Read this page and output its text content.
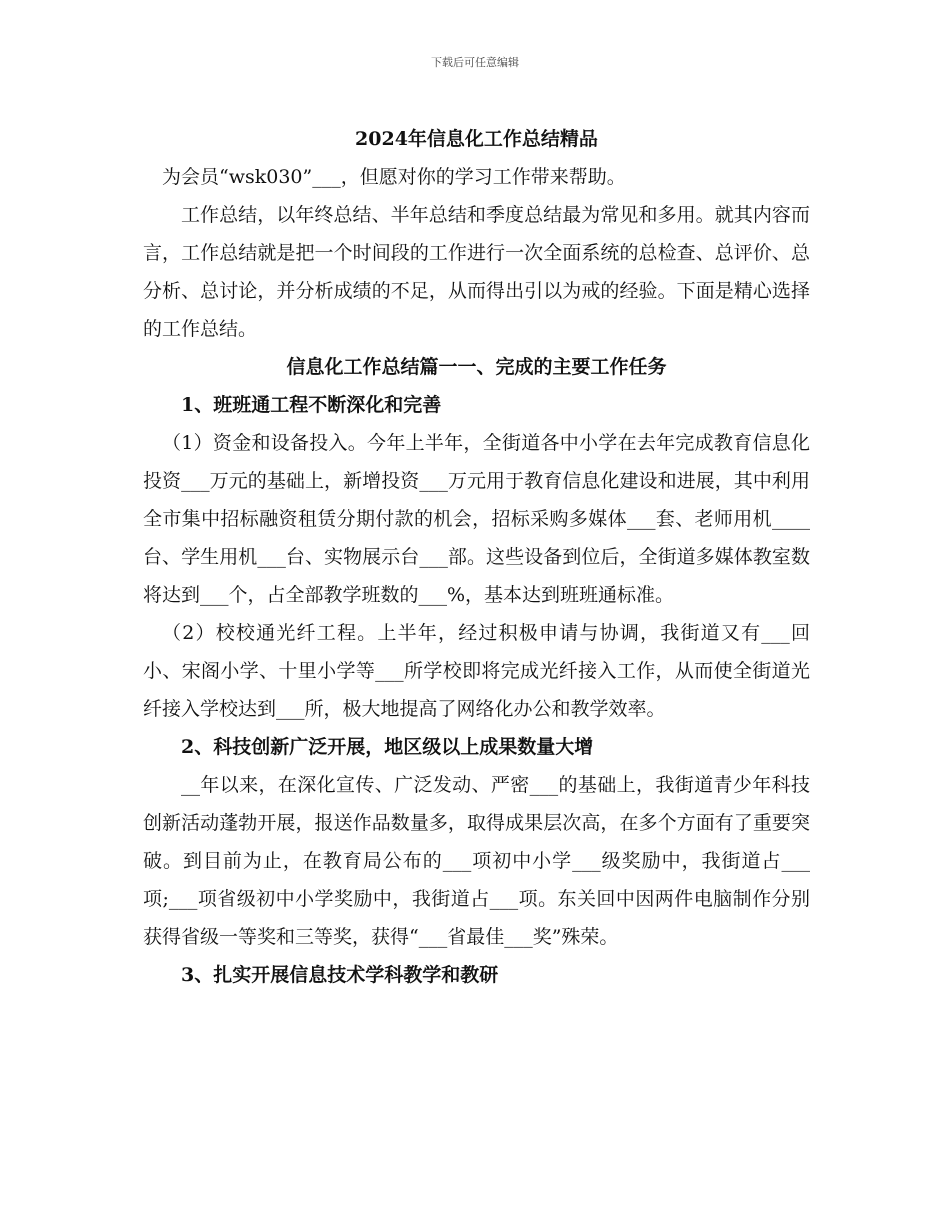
下载后可任意编辑
2024年信息化工作总结精品

为会员“wsk030”___，但愿对你的学习工作带来帮助。

工作总结，以年终总结、半年总结和季度总结最为常见和多用。就其内容而言，工作总结就是把一个时间段的工作进行一次全面系统的总检查、总评价、总分析、总讨论，并分析成绩的不足，从而得出引以为戒的经验。下面是精心选择的工作总结。

信息化工作总结篇一一、完成的主要工作任务

1、班班通工程不断深化和完善

（1）资金和设备投入。今年上半年，全街道各中小学在去年完成教育信息化投资___万元的基础上，新增投资___万元用于教育信息化建设和进展，其中利用全市集中招标融资租赁分期付款的机会，招标采购多媒体___套、老师用机____台、学生用机___台、实物展示台___部。这些设备到位后，全街道多媒体教室数将达到___个，占全部教学班数的___%，基本达到班班通标准。

（2）校校通光纤工程。上半年，经过积极申请与协调，我街道又有___回小、宋阁小学、十里小学等___所学校即将完成光纤接入工作，从而使全街道光纤接入学校达到___所，极大地提高了网络化办公和教学效率。

2、科技创新广泛开展，地区级以上成果数量大增

__年以来，在深化宣传、广泛发动、严密___的基础上，我街道青少年科技创新活动蓬勃开展，报送作品数量多，取得成果层次高，在多个方面有了重要突破。到目前为止，在教育局公布的___项初中小学___级奖励中，我街道占___项;___项省级初中小学奖励中，我街道占___项。东关回中因两件电脑制作分别获得省级一等奖和三等奖，获得“___省最佳___奖”殊荣。

3、扎实开展信息技术学科教学和教研
